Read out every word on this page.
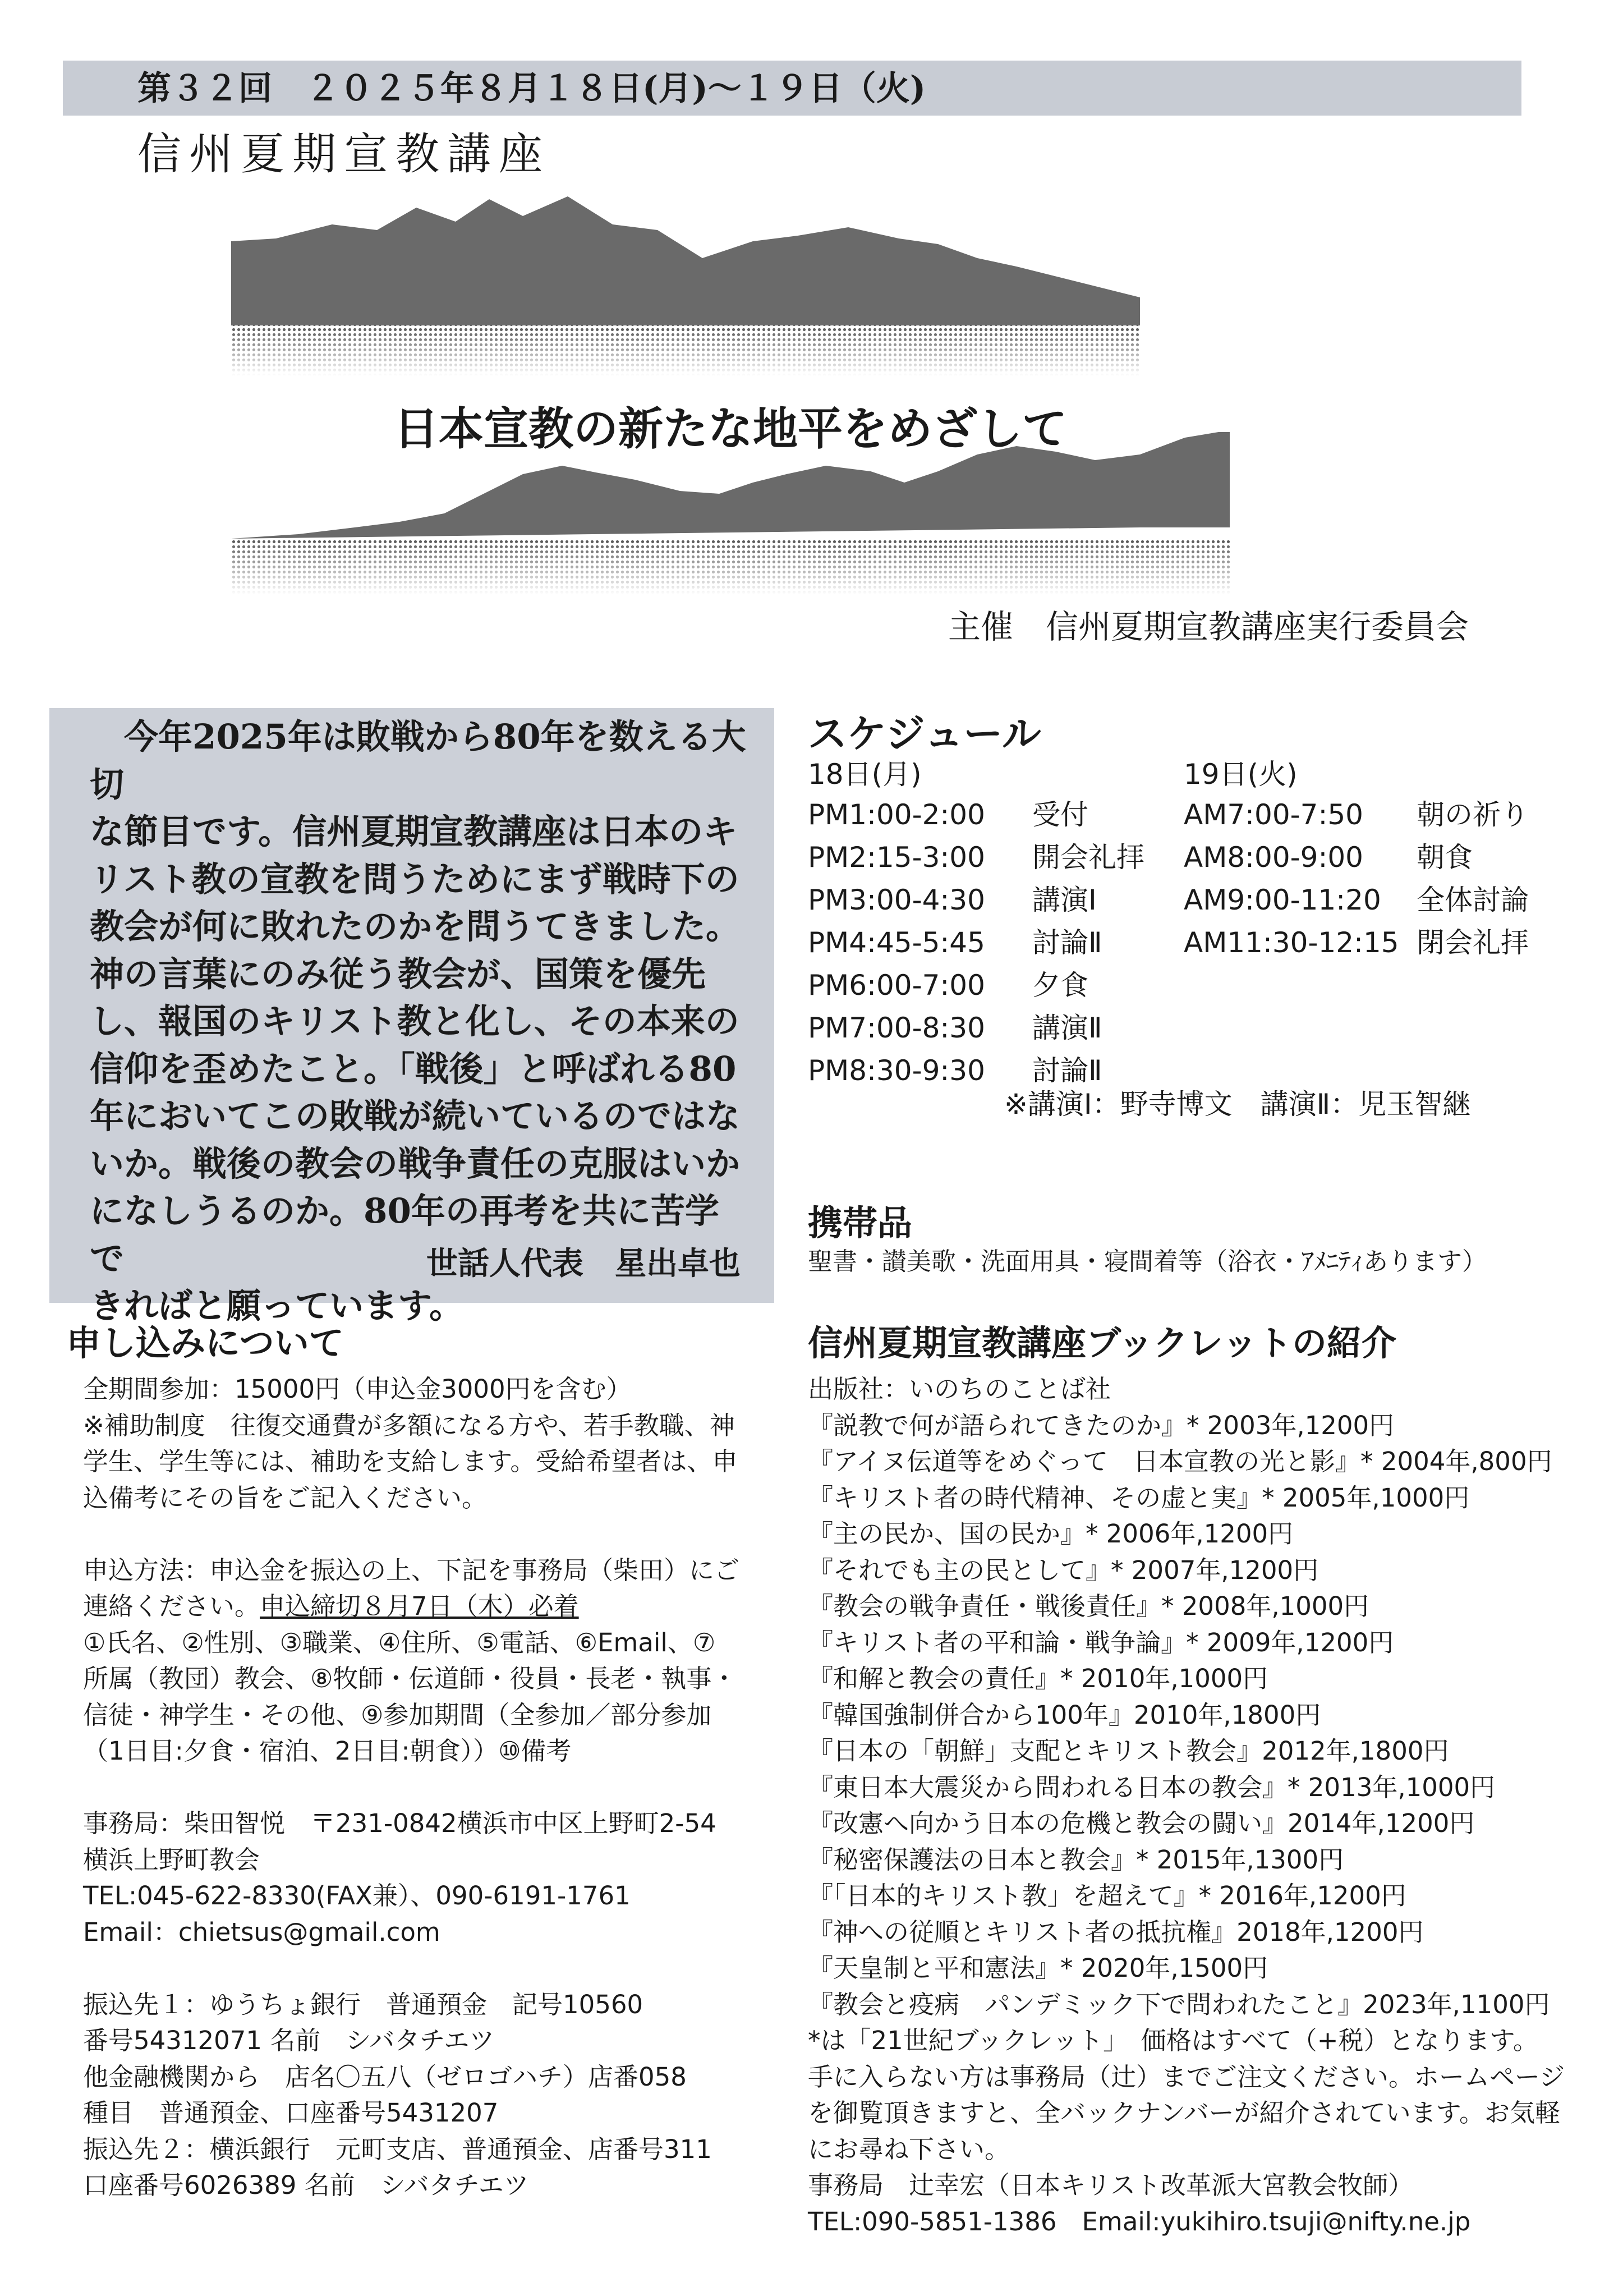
第３２回　２０２５年８月１８日(月)～１９日（火)
信州夏期宣教講座
日本宣教の新たな地平をめざして
主催　信州夏期宣教講座実行委員会
　今年2025年は敗戦から80年を数える大切
な節目です。信州夏期宣教講座は日本のキ
リスト教の宣教を問うためにまず戦時下の
教会が何に敗れたのかを問うてきました。
神の言葉にのみ従う教会が、国策を優先
し、報国のキリスト教と化し、その本来の
信仰を歪めたこと。「戦後」と呼ばれる80
年においてこの敗戦が続いているのではな
いか。戦後の教会の戦争責任の克服はいか
になしうるのか。80年の再考を共に苦学で
きればと願っています。
世話人代表　星出卓也
スケジュール
18日(月)
PM1:00-2:00 受付
PM2:15-3:00 開会礼拝
PM3:00-4:30 講演Ⅰ
PM4:45-5:45 討論Ⅱ
PM6:00-7:00 夕食
PM7:00-8:30 講演Ⅱ
PM8:30-9:30 討論Ⅱ
19日(火)
AM7:00-7:50 朝の祈り
AM8:00-9:00 朝食
AM9:00-11:20 全体討論
AM11:30-12:15 閉会礼拝
※講演Ⅰ：野寺博文　講演Ⅱ：児玉智継
携帯品
聖書・讃美歌・洗面用具・寝間着等（浴衣・ｱﾒﾆﾃｨあります）
申し込みについて
全期間参加：15000円（申込金3000円を含む）
※補助制度　往復交通費が多額になる方や、若手教職、神
学生、学生等には、補助を支給します。受給希望者は、申
込備考にその旨をご記入ください。
申込方法：申込金を振込の上、下記を事務局（柴田）にご
連絡ください。申込締切８月7日（木）必着
①氏名、②性別、③職業、④住所、⑤電話、⑥Email、⑦
所属（教団）教会、⑧牧師・伝道師・役員・長老・執事・
信徒・神学生・その他、⑨参加期間（全参加／部分参加
（1日目:夕食・宿泊、2日目:朝食））⑩備考
事務局：柴田智悦　〒231-0842横浜市中区上野町2-54
横浜上野町教会
TEL:045-622-8330(FAX兼）、090-6191-1761
Email：chietsus@gmail.com
振込先１：ゆうちょ銀行　普通預金　記号10560
番号54312071 名前　シバタチエツ
他金融機関から　店名〇五八（ゼロゴハチ）店番058
種目　普通預金、口座番号5431207
振込先２：横浜銀行　元町支店、普通預金、店番号311
口座番号6026389 名前　シバタチエツ
信州夏期宣教講座ブックレットの紹介
出版社：いのちのことば社
『説教で何が語られてきたのか』* 2003年,1200円
『アイヌ伝道等をめぐって　日本宣教の光と影』* 2004年,800円
『キリスト者の時代精神、その虚と実』* 2005年,1000円
『主の民か、国の民か』* 2006年,1200円
『それでも主の民として』* 2007年,1200円
『教会の戦争責任・戦後責任』* 2008年,1000円
『キリスト者の平和論・戦争論』* 2009年,1200円
『和解と教会の責任』* 2010年,1000円
『韓国強制併合から100年』2010年,1800円
『日本の「朝鮮」支配とキリスト教会』2012年,1800円
『東日本大震災から問われる日本の教会』* 2013年,1000円
『改憲へ向かう日本の危機と教会の闘い』2014年,1200円
『秘密保護法の日本と教会』* 2015年,1300円
『「日本的キリスト教」を超えて』* 2016年,1200円
『神への従順とキリスト者の抵抗権』2018年,1200円
『天皇制と平和憲法』* 2020年,1500円
『教会と疫病　パンデミック下で問われたこと』2023年,1100円
*は「21世紀ブックレット」　価格はすべて（+税）となります。
手に入らない方は事務局（辻）までご注文ください。ホームページ
を御覧頂きますと、全バックナンバーが紹介されています。お気軽
にお尋ね下さい。
事務局　辻幸宏（日本キリスト改革派大宮教会牧師）
TEL:090-5851-1386　Email:yukihiro.tsuji@nifty.ne.jp
